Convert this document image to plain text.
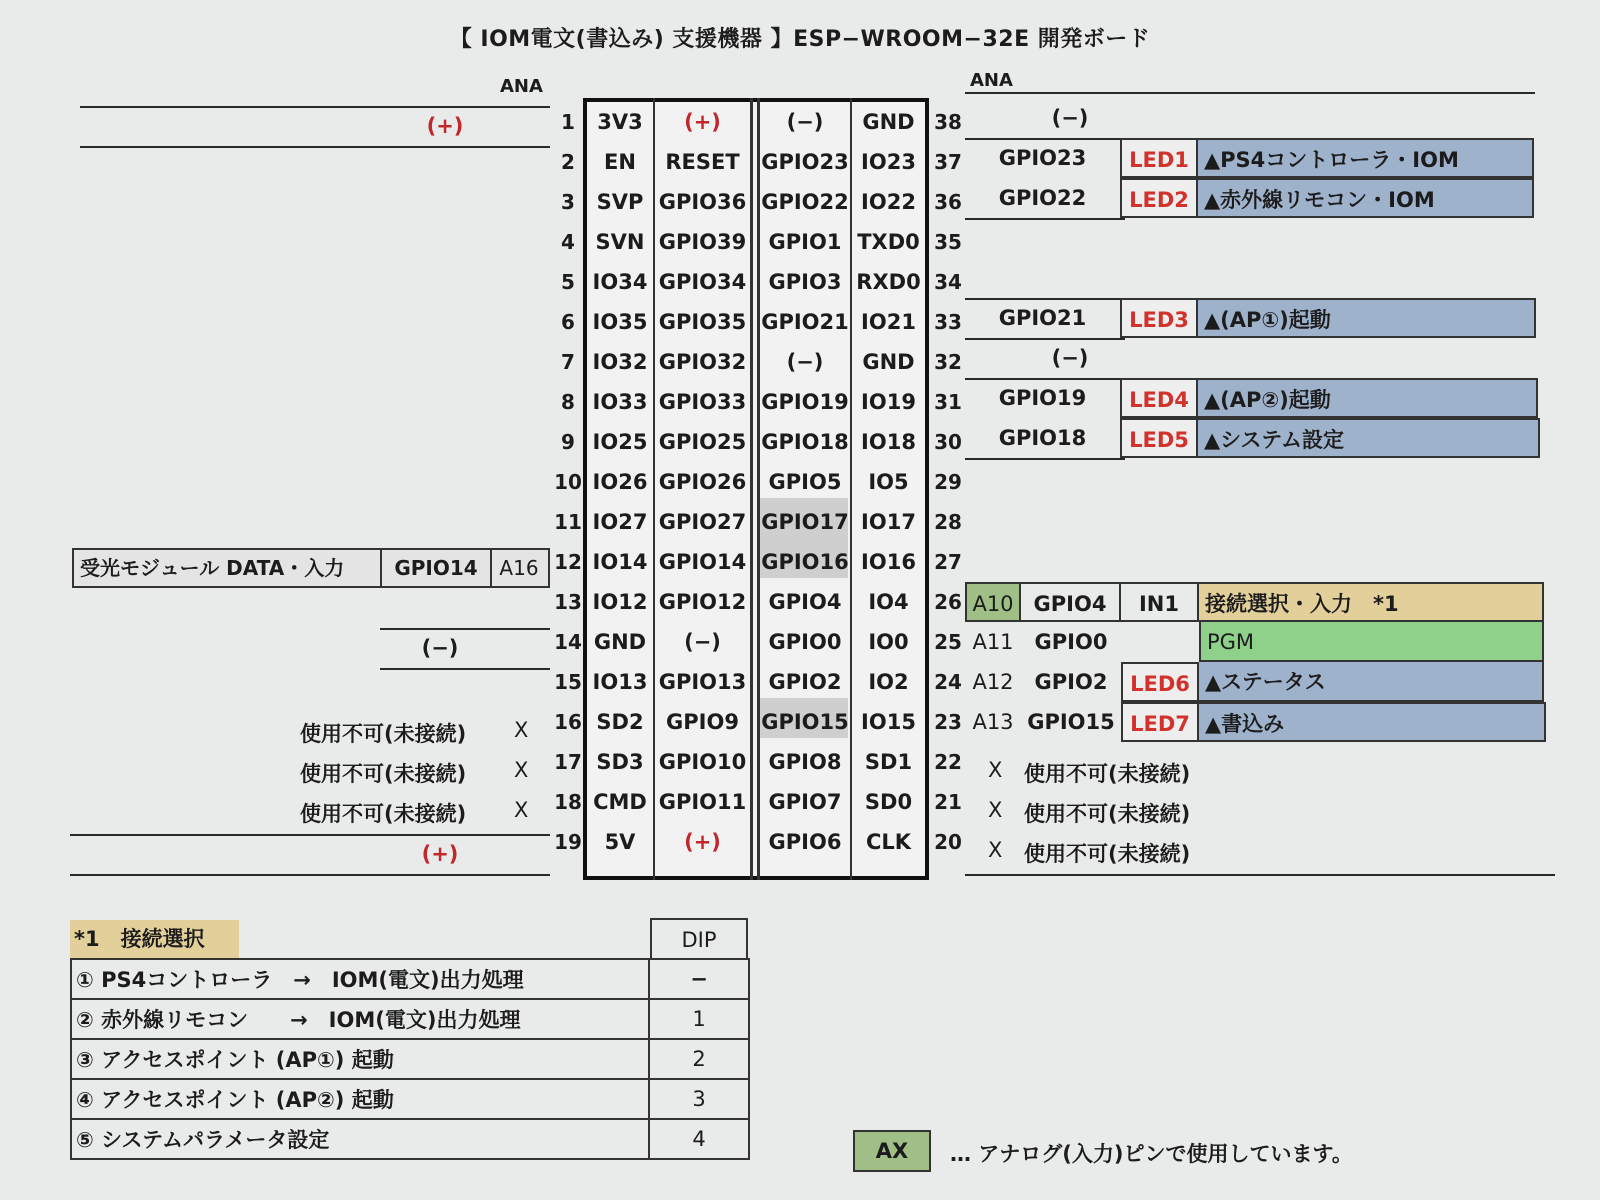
【 IOM電文(書込み) 支援機器 】ESP−WROOM−32E 開発ボード
ANA	ANA
1	3V3	(+)	(−)	GND 38
2	EN	RESET	GPIO23 IO23 37
3	SVP GPIO36 GPIO22 IO22 36
4 SVN GPIO39	GPIO1 TXD0 35
5 IO34 GPIO34	GPIO3 RXD0 34
6 IO35 GPIO35 GPIO21 IO21 33
7 IO32 GPIO32	(−)	GND 32
8 IO33 GPIO33 GPIO19 IO19 31
9 IO25 GPIO25 GPIO18 IO18 30
10 IO26 GPIO26	GPIO5	IO5	29
11 IO27 GPIO27 GPIO17 IO17 28
12 IO14 GPIO14 GPIO16 IO16 27
13 IO12 GPIO12	GPIO4	IO4	26
14 GND	(−)	GPIO0	IO0	25
15 IO13 GPIO13	GPIO2	IO2	24
16 SD2	GPIO9	GPIO15 IO15 23
17 SD3 GPIO10	GPIO8	SD1	22
18 CMD GPIO11	GPIO7	SD0	21
19	5V	(+)	GPIO6	CLK	20
(+)
受光モジュール DATA・入力	GPIO14	A16
(−)
使用不可(未接続) X
使用不可(未接続) X
使用不可(未接続) X
(+)
(−)
(−)
GPIO23	LED1 ▲PS4コントローラ・IOM
GPIO22	LED2 ▲赤外線リモコン・IOM
GPIO21	LED3 ▲(AP①)起動
GPIO19	LED4 ▲(AP②)起動
GPIO18	LED5 ▲システム設定
A10 GPIO4	IN1	接続選択・入力　*1
A11	GPIO0	PGM
A12	GPIO2	LED6 ▲ステータス
A13 GPIO15 LED7 ▲書込み
X 使用不可(未接続)
X 使用不可(未接続)
X 使用不可(未接続)
*1　接続選択	DIP
① PS4コントローラ　→　IOM(電文)出力処理	−
② 赤外線リモコン　　→　IOM(電文)出力処理	1
③ アクセスポイント (AP①) 起動	2
④ アクセスポイント (AP②) 起動	3
⑤ システムパラメータ設定	4	AX	… アナログ(入力)ピンで使用しています。
